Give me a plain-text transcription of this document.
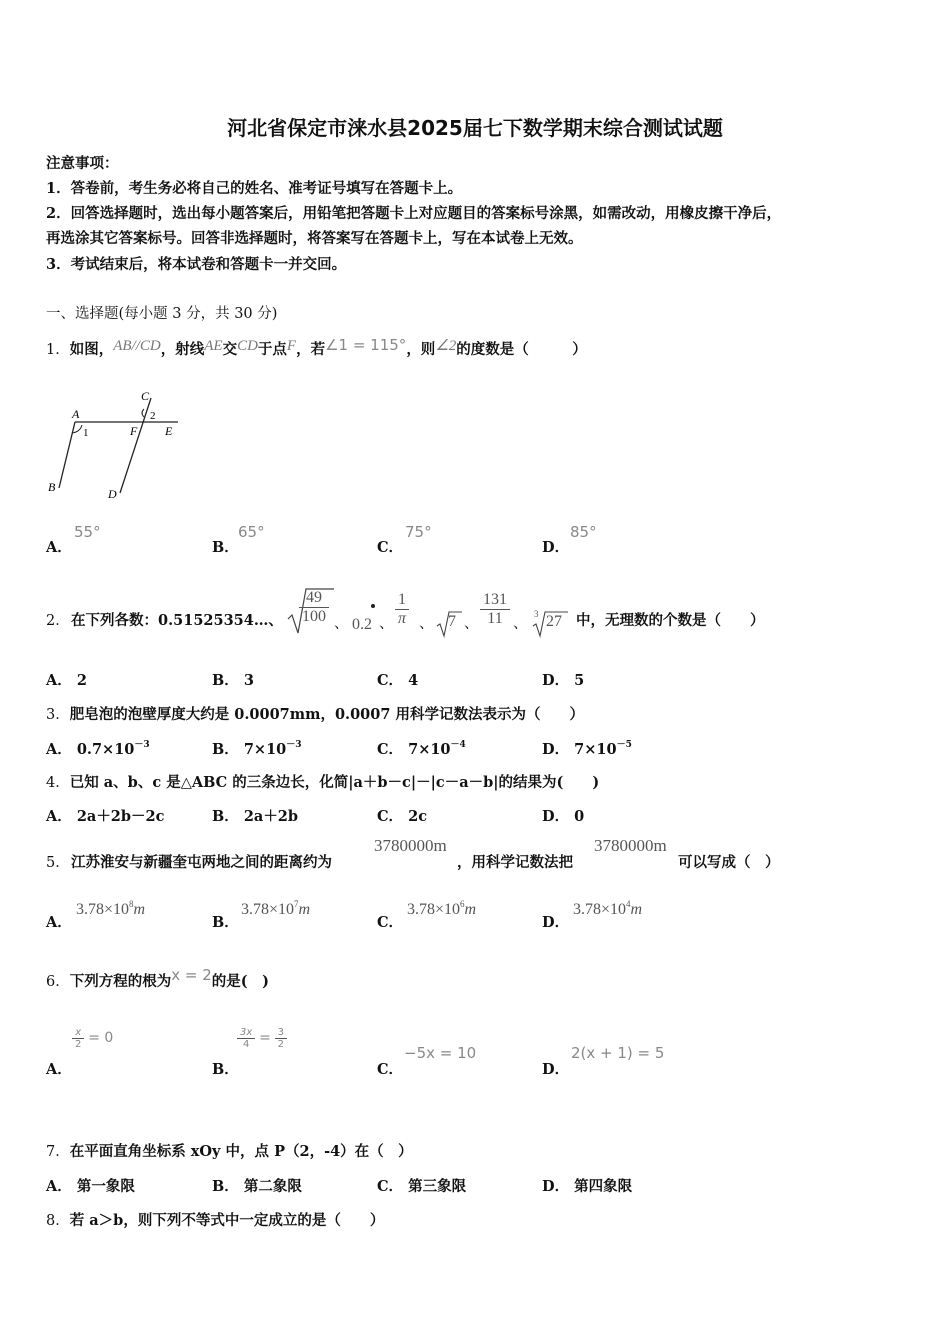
河北省保定市涞水县2025届七下数学期末综合测试试题
注意事项：
1．答卷前，考生务必将自己的姓名、准考证号填写在答题卡上。
2．回答选择题时，选出每小题答案后，用铅笔把答题卡上对应题目的答案标号涂黑，如需改动，用橡皮擦干净后，
再选涂其它答案标号。回答非选择题时，将答案写在答题卡上，写在本试卷上无效。
3．考试结束后，将本试卷和答题卡一并交回。
一、选择题(每小题 3 分，共 30 分)
1．如图，AB//CD，射线AE交CD于点F，若∠1 = 115°，则∠2的度数是（　　　）
A
B
C
D
E
F
1
2
A．
55°
B．
65°
C．
75°
D．
85°
2． 在下列各数：0.51525354…、 $\frac{49}{100}$ 、 0.2 、 $\frac{1}{\pi}$ 、 7 、 $\frac{131}{11}$ 、
3 27 中，无理数的个数是（　　）
A． 2	B． 3	C． 4	D． 5
3．肥皂泡的泡壁厚度大约是 0.0007mm，0.0007 用科学记数法表示为（　　）
A． $0.7\times 10^{-3}$	B． $7\times 10^{-3}$	C． $7\times 10^{-4}$	D． $7\times 10^{-5}$
4．已知 a、b、c 是△ABC 的三条边长，化简|a＋b－c|－|c－a－b|的结果为(　　)
A． 2a＋2b－2c	B． 2a＋2b	C． 2c	D． 0
5． 江苏淮安与新疆奎屯两地之间的距离约为
3780000m
，用科学记数法把
3780000m
可以写成（　）
A．
$3.78\times 10^8m$
B．
$3.78\times 10^7m$
C．
$3.78\times 10^6m$
D．
$3.78\times 10^4m$
6．下列方程的根为x = 2的是(　)
A．
$\frac{x}{2} = 0$
B．
$\frac{3x}{4} = \frac{3}{2}$
C．
−5x = 10
D．
2(x + 1) = 5
7．在平面直角坐标系 xOy 中，点 P（2，-4）在（　）
A． 第一象限	B． 第二象限	C． 第三象限	D． 第四象限
8．若 a＞b，则下列不等式中一定成立的是（　　）
